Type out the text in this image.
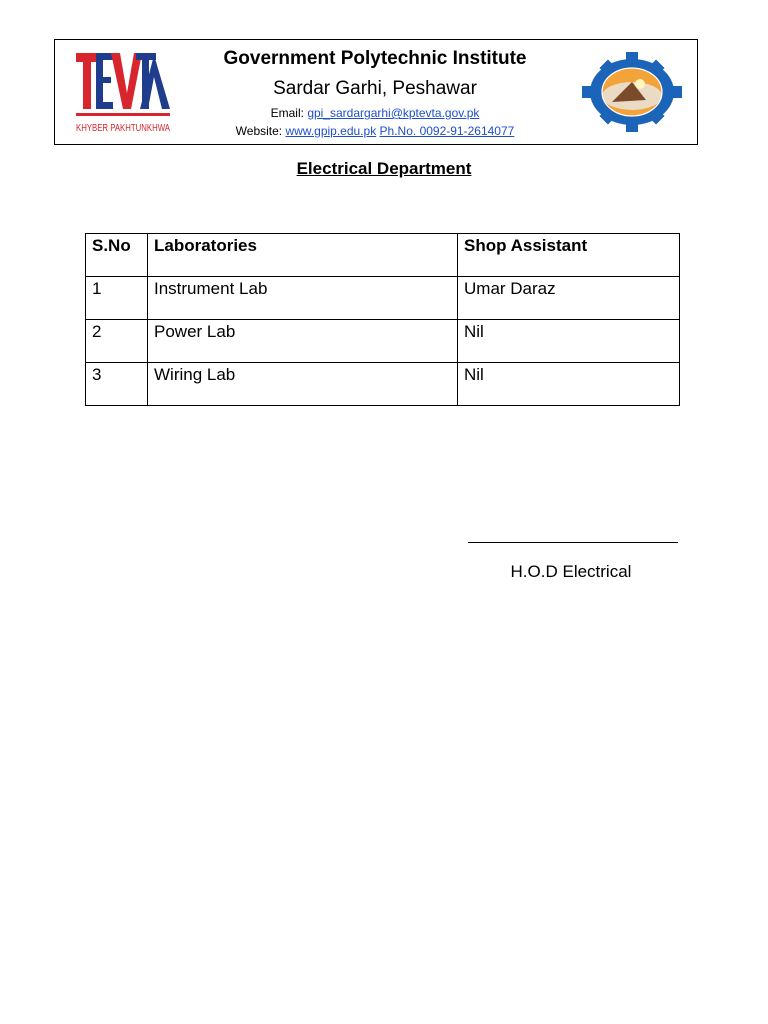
KHYBER PAKHTUNKHWA

Government Polytechnic Institute

Sardar Garhi, Peshawar

Email: gpi_sardargarhi@kptevta.gov.pk

Website: www.gpip.edu.pk Ph.No. 0092-91-2614077

Electrical Department
S.No	Laboratories	Shop Assistant
1	Instrument Lab	Umar Daraz
2	Power Lab	Nil
3	Wiring Lab	Nil
H.O.D Electrical
